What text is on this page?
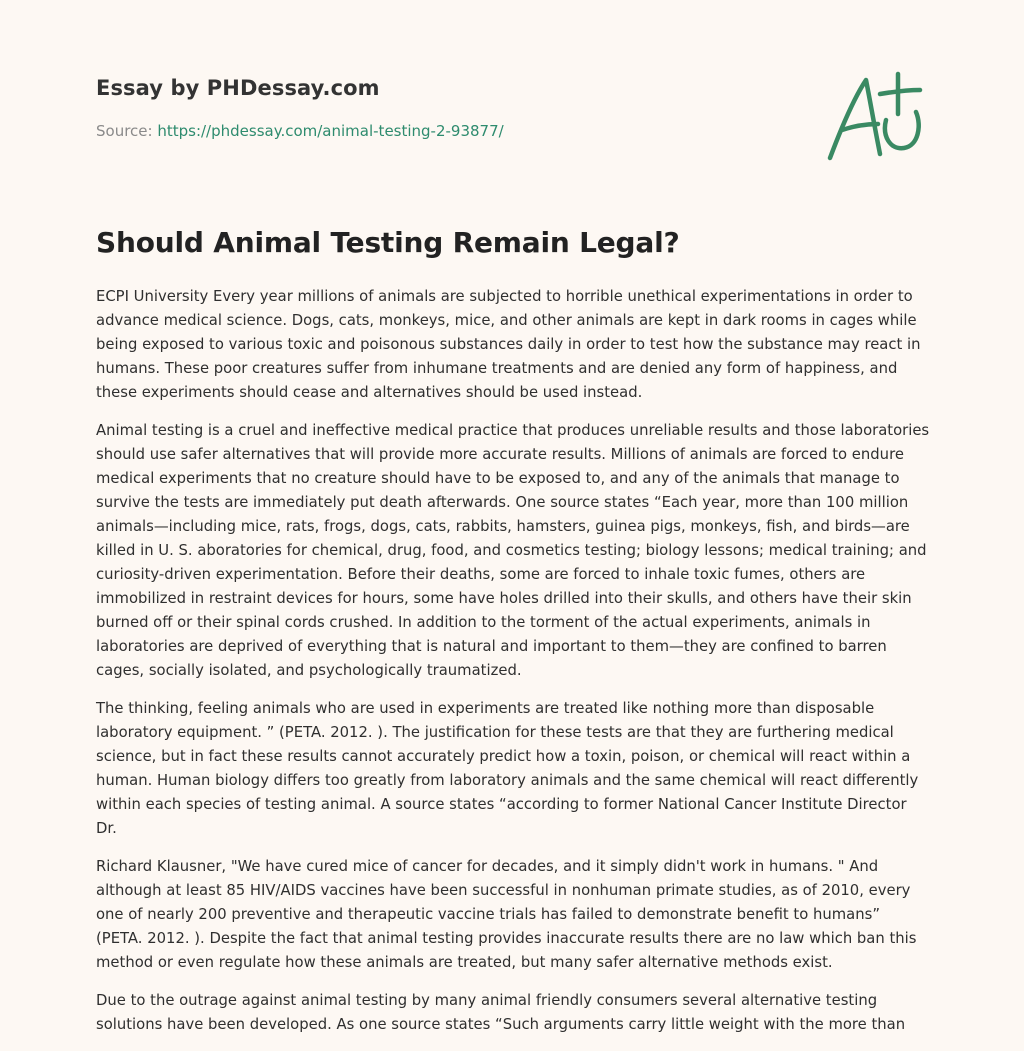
Essay by PHDessay.com
Source: https://phdessay.com/animal-testing-2-93877/
Should Animal Testing Remain Legal?

ECPI University Every year millions of animals are subjected to horrible unethical experimentations in order to advance medical science. Dogs, cats, monkeys, mice, and other animals are kept in dark rooms in cages while being exposed to various toxic and poisonous substances daily in order to test how the substance may react in humans. These poor creatures suffer from inhumane treatments and are denied any form of happiness, and these experiments should cease and alternatives should be used instead.

Animal testing is a cruel and ineffective medical practice that produces unreliable results and those laboratories should use safer alternatives that will provide more accurate results. Millions of animals are forced to endure medical experiments that no creature should have to be exposed to, and any of the animals that manage to survive the tests are immediately put death afterwards. One source states “Each year, more than 100 million animals—including mice, rats, frogs, dogs, cats, rabbits, hamsters, guinea pigs, monkeys, fish, and birds—are killed in U. S. aboratories for chemical, drug, food, and cosmetics testing; biology lessons; medical training; and curiosity-driven experimentation. Before their deaths, some are forced to inhale toxic fumes, others are immobilized in restraint devices for hours, some have holes drilled into their skulls, and others have their skin burned off or their spinal cords crushed. In addition to the torment of the actual experiments, animals in laboratories are deprived of everything that is natural and important to them—they are confined to barren cages, socially isolated, and psychologically traumatized.

The thinking, feeling animals who are used in experiments are treated like nothing more than disposable laboratory equipment. ” (PETA. 2012. ). The justification for these tests are that they are furthering medical science, but in fact these results cannot accurately predict how a toxin, poison, or chemical will react within a human. Human biology differs too greatly from laboratory animals and the same chemical will react differently within each species of testing animal. A source states “according to former National Cancer Institute Director Dr.

Richard Klausner, "We have cured mice of cancer for decades, and it simply didn't work in humans. " And although at least 85 HIV/AIDS vaccines have been successful in nonhuman primate studies, as of 2010, every one of nearly 200 preventive and therapeutic vaccine trials has failed to demonstrate benefit to humans” (PETA. 2012. ). Despite the fact that animal testing provides inaccurate results there are no law which ban this method or even regulate how these animals are treated, but many safer alternative methods exist.

Due to the outrage against animal testing by many animal friendly consumers several alternative testing solutions have been developed. As one source states “Such arguments carry little weight with the more than
